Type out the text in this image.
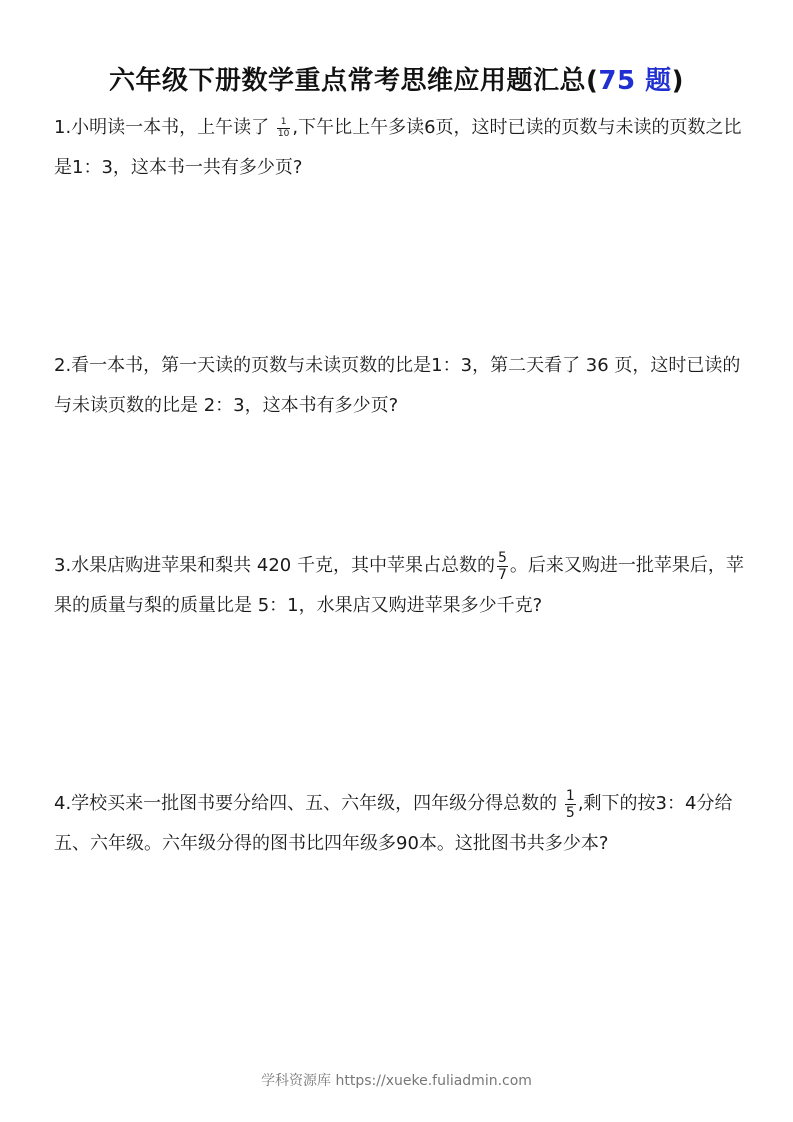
六年级下册数学重点常考思维应用题汇总(75 题)
1.小明读一本书，上午读了 $\frac{1}{10}$ ,下午比上午多读6页，这时已读的页数与未读的页数之比是1：3，这本书一共有多少页?
2.看一本书，第一天读的页数与未读页数的比是1：3，第二天看了 36 页，这时已读的与未读页数的比是 2：3，这本书有多少页?
3.水果店购进苹果和梨共 420 千克，其中苹果占总数的 $\frac{5}{7}$ 。后来又购进一批苹果后，苹果的质量与梨的质量比是 5：1，水果店又购进苹果多少千克?
4.学校买来一批图书要分给四、五、六年级，四年级分得总数的 $\frac{1}{5}$ ,剩下的按3：4分给五、六年级。六年级分得的图书比四年级多90本。这批图书共多少本?
学科资源库 https://xueke.fuliadmin.com
